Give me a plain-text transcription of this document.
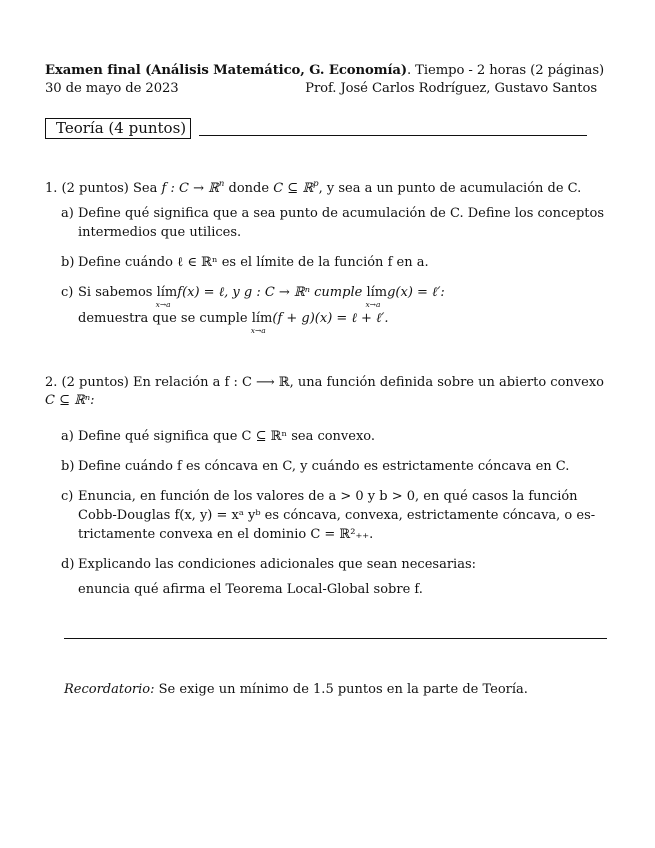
Examen final (Análisis Matemático, G. Economía). Tiempo - 2 horas (2 páginas)
30 de mayo de 2023	Prof. José Carlos Rodríguez, Gustavo Santos
Teoría (4 puntos)
1. (2 puntos) Sea f : C → ℝ$^n$ donde C ⊆ ℝ$^p$, y sea a un punto de acumulación de C.
a) Define qué significa que a sea punto de acumulación de C. Define los conceptos
intermedios que utilices.
b) Define cuándo ℓ ∈ ℝⁿ es el límite de la función f en a.
c) Si sabemos lím
x→a
f(x) = ℓ, y g : C → ℝⁿ cumple lím
x→a
g(x) = ℓ′:
demuestra que se cumple lím
x→a
(f + g)(x) = ℓ + ℓ′.
2. (2 puntos) En relación a f : C ⟶ ℝ, una función definida sobre un abierto convexo
C ⊆ ℝⁿ:
a) Define qué significa que C ⊆ ℝⁿ sea convexo.
b) Define cuándo f es cóncava en C, y cuándo es estrictamente cóncava en C.
c) Enuncia, en función de los valores de a > 0 y b > 0, en qué casos la función
Cobb-Douglas f(x, y) = xᵃ yᵇ es cóncava, convexa, estrictamente cóncava, o es-
trictamente convexa en el dominio C = ℝ²₊₊.
d) Explicando las condiciones adicionales que sean necesarias:
enuncia qué afirma el Teorema Local-Global sobre f.
Recordatorio: Se exige un mínimo de 1.5 puntos en la parte de Teoría.
